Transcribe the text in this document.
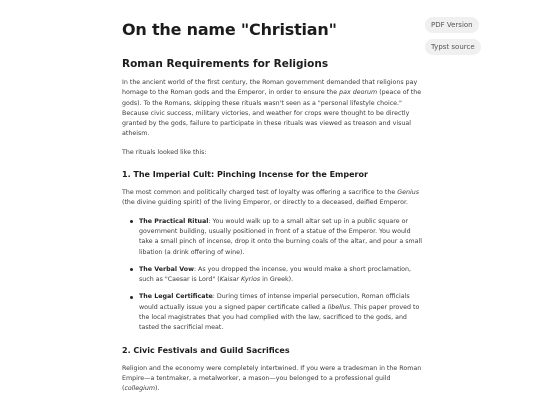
On the name "Christian"	PDF Version
Typst source
Roman Requirements for Religions

In the ancient world of the first century, the Roman government demanded that religions pay homage to the Roman gods and the Emperor, in order to ensure the pax deorum (peace of the gods). To the Romans, skipping these rituals wasn't seen as a "personal lifestyle choice." Because civic success, military victories, and weather for crops were thought to be directly granted by the gods, failure to participate in these rituals was viewed as treason and visual atheism.

The rituals looked like this:

1. The Imperial Cult: Pinching Incense for the Emperor

The most common and politically charged test of loyalty was offering a sacrifice to the Genius (the divine guiding spirit) of the living Emperor, or directly to a deceased, deified Emperor.

The Practical Ritual: You would walk up to a small altar set up in a public square or government building, usually positioned in front of a statue of the Emperor. You would take a small pinch of incense, drop it onto the burning coals of the altar, and pour a small libation (a drink offering of wine).
The Verbal Vow: As you dropped the incense, you would make a short proclamation, such as "Caesar is Lord" (Kaisar Kyrios in Greek).
The Legal Certificate: During times of intense imperial persecution, Roman officials would actually issue you a signed paper certificate called a libellus. This paper proved to the local magistrates that you had complied with the law, sacrificed to the gods, and tasted the sacrificial meat.
2. Civic Festivals and Guild Sacrifices

Religion and the economy were completely intertwined. If you were a tradesman in the Roman Empire—a tentmaker, a metalworker, a mason—you belonged to a professional guild (collegium).
